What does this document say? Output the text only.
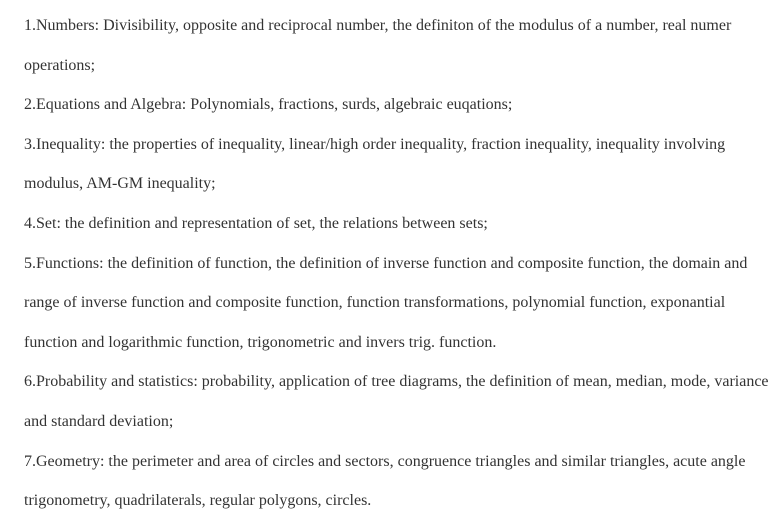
1.Numbers: Divisibility, opposite and reciprocal number, the definiton of the modulus of a number, real numer operations;

2.Equations and Algebra: Polynomials, fractions, surds, algebraic euqations;

3.Inequality: the properties of inequality, linear/high order inequality, fraction inequality, inequality involving modulus, AM-GM inequality;

4.Set: the definition and representation of set, the relations between sets;

5.Functions: the definition of function, the definition of inverse function and composite function, the domain and range of inverse function and composite function, function transformations, polynomial function, exponantial function and logarithmic function, trigonometric and invers trig. function.

6.Probability and statistics: probability, application of tree diagrams, the definition of mean, median, mode, variance and standard deviation;

7.Geometry: the perimeter and area of circles and sectors, congruence triangles and similar triangles, acute angle trigonometry, quadrilaterals, regular polygons, circles.
